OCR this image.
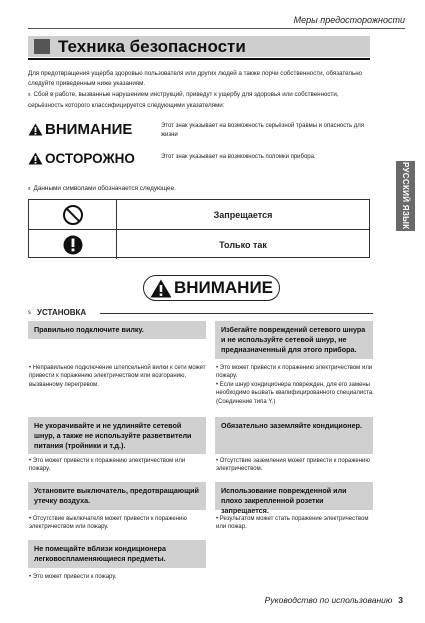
Меры предосторожности
Техника безопасности
Для предотвращения ущерба здоровью пользователя или других людей а также порчи собственности, обязательно следуйте приведенным ниже указаниям.
s Сбой в работе, вызванные нарушением инструкций, приведут к ущербу для здоровья или собственности, серьёзность которого классифицируется следующими указателями:
РУССКИЙ ЯЗЫК
ВНИМАНИЕ	Этот знак указывает на возможность серьёзной травмы и опасность для жизни
ОСТОРОЖНО	Этот знак указывает на возможность поломки прибора.
s Данными символами обозначается следующее.
Запрещается
Только так
ВНИМАНИЕ
s УСТАНОВКА
Правильно подключите вилку.
• Неправильное подключение штепсельной вилки к сети может привести к поражению электричеством или возгоранию, вызванному перегревом.
Не укорачивайте и не удлиняйте сетевой шнур, а также не используйте разветвители питания (тройники и т.д.).
• Это может привести к поражению электричеством или пожару.
Установите выключатель, предотвращающий утечку воздуха.
• Отсутствие выключателя может привести к поражению электричеством или пожару.
Не помещайте вблизи кондиционера легковоспламеняющиеся предметы.
• Это может привести к пожару.
Избегайте повреждений сетевого шнура и не используйте сетевой шнур, не предназначенный для этого прибора.
• Это может привести к поражению электричеством или пожару.
• Если шнур кондиционера поврежден, для его замены необходимо вызвать квалифицированного специалиста. (Соединение типа Y.)
Обязательно заземляйте кондиционер.
• Отсутствие заземления может привести к поражению электричеством.
Использование поврежденной или плохо закрепленной розетки запрещается.
• Результатом может стать поражение электричеством или пожар.
Руководство по использованию 3
